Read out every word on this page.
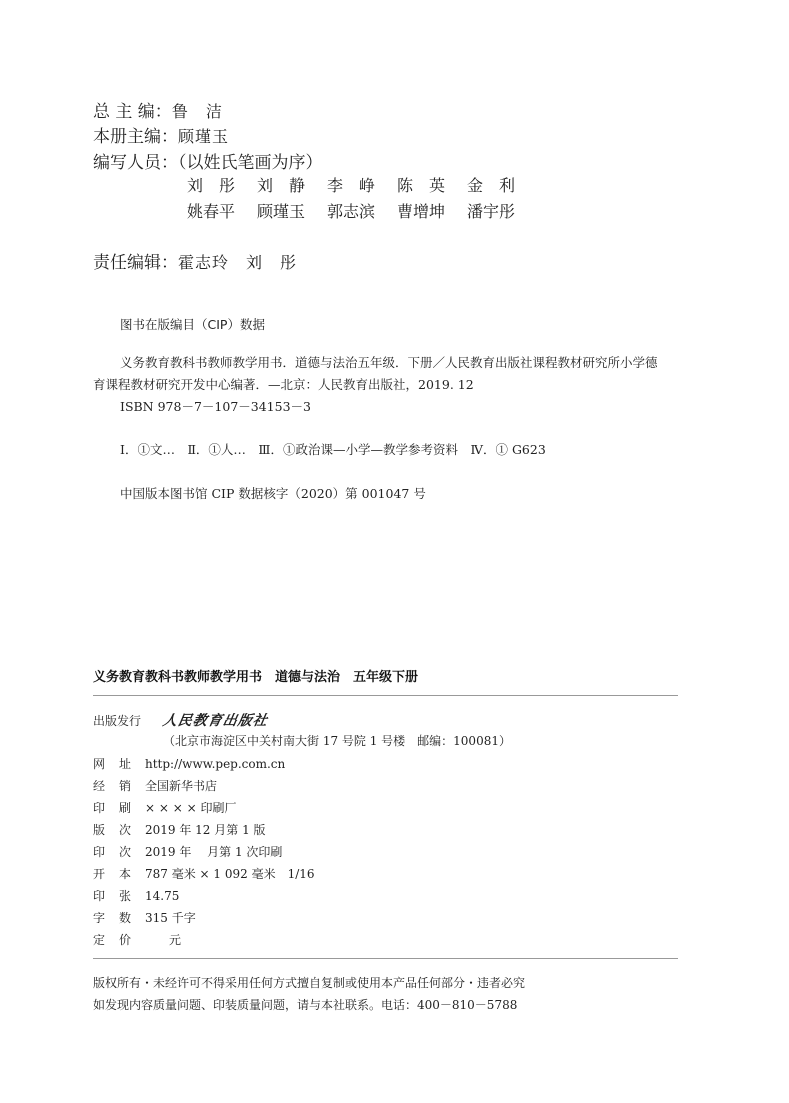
总 主 编：鲁　洁
本册主编：顾瑾玉
编写人员：（以姓氏笔画为序）
刘　彤 刘　静 李　峥 陈　英 金　利
姚春平 顾瑾玉 郭志滨 曹增坤 潘宇彤
责任编辑：霍志玲　刘　彤
图书在版编目（CIP）数据
义务教育教科书教师教学用书．道德与法治五年级．下册／人民教育出版社课程教材研究所小学德
育课程教材研究开发中心编著．—北京：人民教育出版社，2019. 12
ISBN 978－7－107－34153－3
Ⅰ．①文…　Ⅱ．①人…　Ⅲ．①政治课—小学—教学参考资料　Ⅳ．① G623
中国版本图书馆 CIP 数据核字（2020）第 001047 号
义务教育教科书教师教学用书　道德与法治　五年级下册
出版发行 人民教育出版社
（北京市海淀区中关村南大街 17 号院 1 号楼　邮编：100081）
网 址 http://www.pep.com.cn
经 销 全国新华书店
印 刷 × × × × 印刷厂
版 次 2019 年 12 月第 1 版
印 次 2019 年　 月第 1 次印刷
开 本 787 毫米 × 1 092 毫米　1/16
印 张 14.75
字 数 315 千字
定 价　　元
版权所有・未经许可不得采用任何方式擅自复制或使用本产品任何部分・违者必究
如发现内容质量问题、印装质量问题，请与本社联系。电话：400－810－5788
